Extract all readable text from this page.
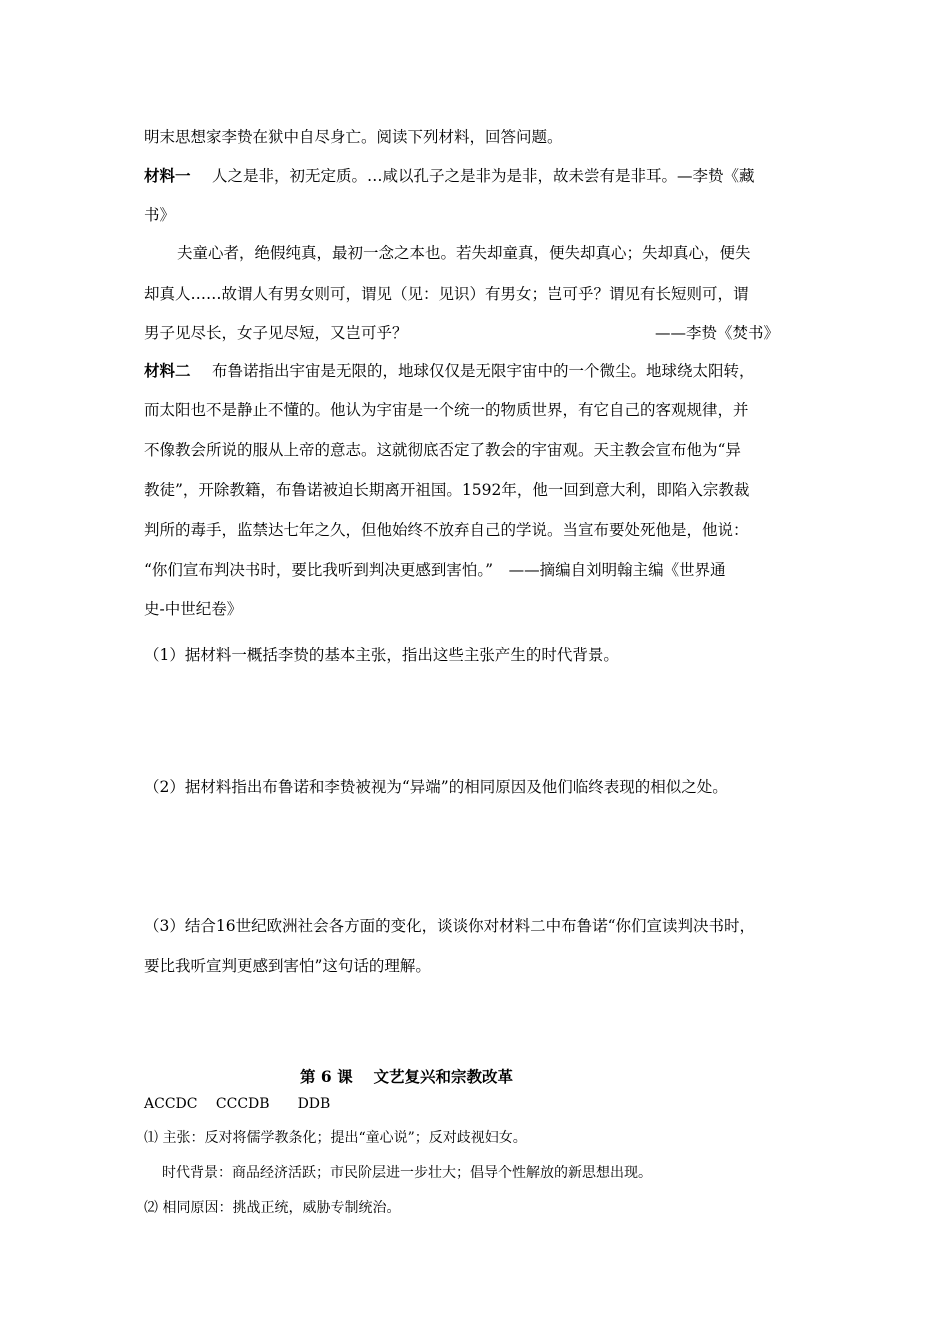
明末思想家李贽在狱中自尽身亡。阅读下列材料，回答问题。
材料一 人之是非，初无定质。…咸以孔子之是非为是非，故未尝有是非耳。—李贽《藏
书》
夫童心者，绝假纯真，最初一念之本也。若失却童真，便失却真心；失却真心，便失
却真人……故谓人有男女则可，谓见（见：见识）有男女；岂可乎？谓见有长短则可，谓
男子见尽长，女子见尽短，又岂可乎？	——李贽《焚书》
材料二 布鲁诺指出宇宙是无限的，地球仅仅是无限宇宙中的一个微尘。地球绕太阳转，
而太阳也不是静止不懂的。他认为宇宙是一个统一的物质世界，有它自己的客观规律，并
不像教会所说的服从上帝的意志。这就彻底否定了教会的宇宙观。天主教会宣布他为“异
教徒”，开除教籍，布鲁诺被迫长期离开祖国。1592年，他一回到意大利，即陷入宗教裁
判所的毒手，监禁达七年之久，但他始终不放弃自己的学说。当宣布要处死他是，他说：
“你们宣布判决书时，要比我听到判决更感到害怕。”　——摘编自刘明翰主编《世界通
史-中世纪卷》
（1）据材料一概括李贽的基本主张，指出这些主张产生的时代背景。
（2）据材料指出布鲁诺和李贽被视为“异端”的相同原因及他们临终表现的相似之处。
（3）结合16世纪欧洲社会各方面的变化，谈谈你对材料二中布鲁诺“你们宣读判决书时，
要比我听宣判更感到害怕”这句话的理解。
第 6 课　 文艺复兴和宗教改革
ACCDC　 CCCDB　　DDB
⑴ 主张：反对将儒学教条化；提出“童心说”；反对歧视妇女。
时代背景：商品经济活跃；市民阶层进一步壮大；倡导个性解放的新思想出现。
⑵ 相同原因：挑战正统，威胁专制统治。
